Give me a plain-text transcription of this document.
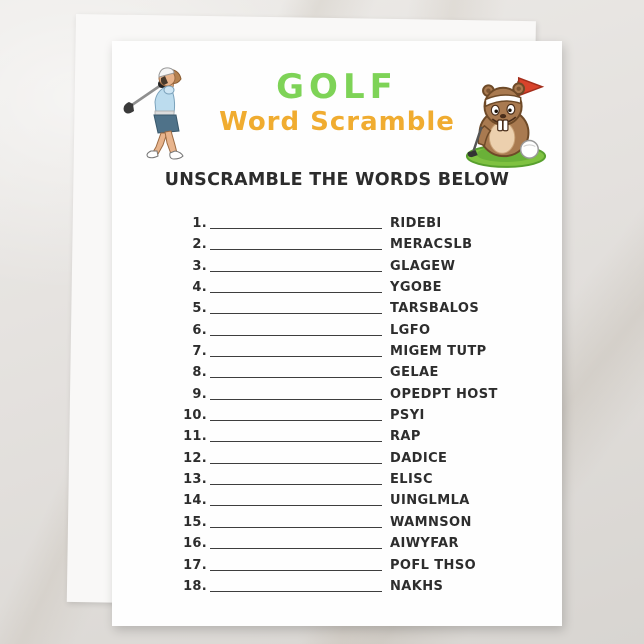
GOLF
Word Scramble
UNSCRAMBLE THE WORDS BELOW
1.	RIDEBI
2.	MERACSLB
3.	GLAGEW
4.	YGOBE
5.	TARSBALOS
6.	LGFO
7.	MIGEM TUTP
8.	GELAE
9.	OPEDPT HOST
10.	PSYI
11.	RAP
12.	DADICE
13.	ELISC
14.	UINGLMLA
15.	WAMNSON
16.	AIWYFAR
17.	POFL THSO
18.	NAKHS
